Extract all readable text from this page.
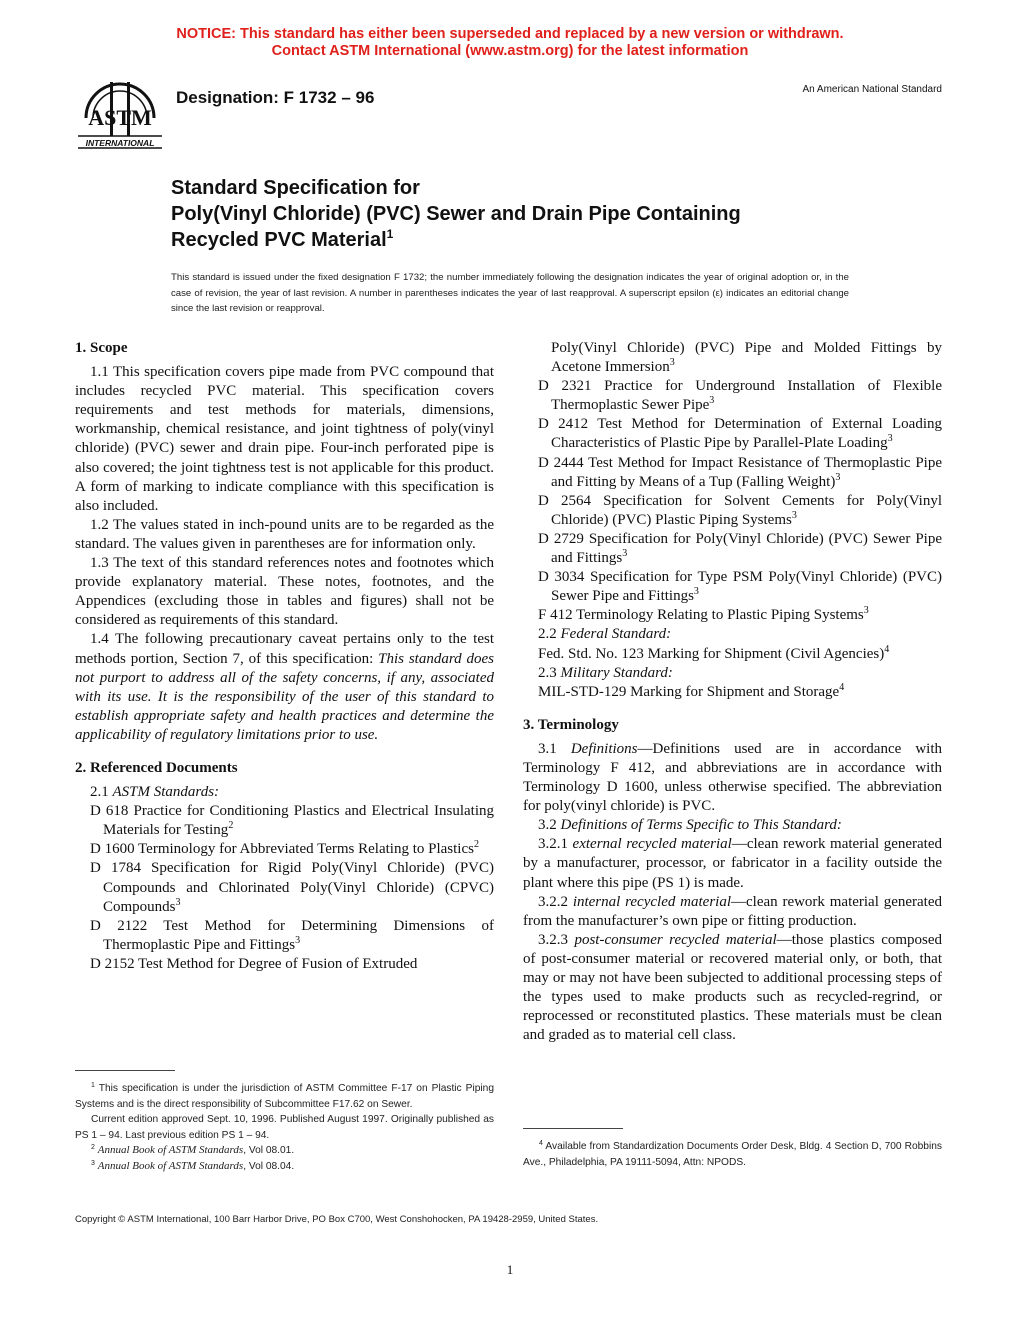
NOTICE: This standard has either been superseded and replaced by a new version or withdrawn.
Contact ASTM International (www.astm.org) for the latest information
ASTM
INTERNATIONAL
Designation: F 1732 – 96	An American National Standard
Standard Specification for
Poly(Vinyl Chloride) (PVC) Sewer and Drain Pipe Containing
Recycled PVC Material$^1$
This standard is issued under the fixed designation F 1732; the number immediately following the designation indicates the year of original adoption or, in the case of revision, the year of last revision. A number in parentheses indicates the year of last reapproval. A superscript epsilon (ε) indicates an editorial change since the last revision or reapproval.

1. Scope

1.1 This specification covers pipe made from PVC compound that includes recycled PVC material. This specification covers requirements and test methods for materials, dimensions, workmanship, chemical resistance, and joint tightness of poly(vinyl chloride) (PVC) sewer and drain pipe. Four-inch perforated pipe is also covered; the joint tightness test is not applicable for this product. A form of marking to indicate compliance with this specification is also included.

1.2 The values stated in inch-pound units are to be regarded as the standard. The values given in parentheses are for information only.

1.3 The text of this standard references notes and footnotes which provide explanatory material. These notes, footnotes, and the Appendices (excluding those in tables and figures) shall not be considered as requirements of this standard.

1.4 The following precautionary caveat pertains only to the test methods portion, Section 7, of this specification: This standard does not purport to address all of the safety concerns, if any, associated with its use. It is the responsibility of the user of this standard to establish appropriate safety and health practices and determine the applicability of regulatory limitations prior to use.

2. Referenced Documents

2.1 ASTM Standards:

D 618 Practice for Conditioning Plastics and Electrical Insulating Materials for Testing$^2$

D 1600 Terminology for Abbreviated Terms Relating to Plastics$^2$

D 1784 Specification for Rigid Poly(Vinyl Chloride) (PVC) Compounds and Chlorinated Poly(Vinyl Chloride) (CPVC) Compounds$^3$

D 2122 Test Method for Determining Dimensions of Thermoplastic Pipe and Fittings$^3$

D 2152 Test Method for Degree of Fusion of Extruded

$^1$ This specification is under the jurisdiction of ASTM Committee F-17 on Plastic Piping Systems and is the direct responsibility of Subcommittee F17.62 on Sewer.

Current edition approved Sept. 10, 1996. Published August 1997. Originally published as PS 1 – 94. Last previous edition PS 1 – 94.

$^2$ Annual Book of ASTM Standards, Vol 08.01.

$^3$ Annual Book of ASTM Standards, Vol 08.04.

Poly(Vinyl Chloride) (PVC) Pipe and Molded Fittings by Acetone Immersion$^3$

D 2321 Practice for Underground Installation of Flexible Thermoplastic Sewer Pipe$^3$

D 2412 Test Method for Determination of External Loading Characteristics of Plastic Pipe by Parallel-Plate Loading$^3$

D 2444 Test Method for Impact Resistance of Thermoplastic Pipe and Fitting by Means of a Tup (Falling Weight)$^3$

D 2564 Specification for Solvent Cements for Poly(Vinyl Chloride) (PVC) Plastic Piping Systems$^3$

D 2729 Specification for Poly(Vinyl Chloride) (PVC) Sewer Pipe and Fittings$^3$

D 3034 Specification for Type PSM Poly(Vinyl Chloride) (PVC) Sewer Pipe and Fittings$^3$

F 412 Terminology Relating to Plastic Piping Systems$^3$

2.2 Federal Standard:

Fed. Std. No. 123 Marking for Shipment (Civil Agencies)$^4$

2.3 Military Standard:

MIL-STD-129 Marking for Shipment and Storage$^4$

3. Terminology

3.1 Definitions—Definitions used are in accordance with Terminology F 412, and abbreviations are in accordance with Terminology D 1600, unless otherwise specified. The abbreviation for poly(vinyl chloride) is PVC.

3.2 Definitions of Terms Specific to This Standard:

3.2.1 external recycled material—clean rework material generated by a manufacturer, processor, or fabricator in a facility outside the plant where this pipe (PS 1) is made.

3.2.2 internal recycled material—clean rework material generated from the manufacturer’s own pipe or fitting production.

3.2.3 post-consumer recycled material—those plastics composed of post-consumer material or recovered material only, or both, that may or may not have been subjected to additional processing steps of the types used to make products such as recycled-regrind, or reprocessed or reconstituted plastics. These materials must be clean and graded as to material cell class.

$^4$ Available from Standardization Documents Order Desk, Bldg. 4 Section D, 700 Robbins Ave., Philadelphia, PA 19111-5094, Attn: NPODS.

Copyright © ASTM International, 100 Barr Harbor Drive, PO Box C700, West Conshohocken, PA 19428-2959, United States.
1
